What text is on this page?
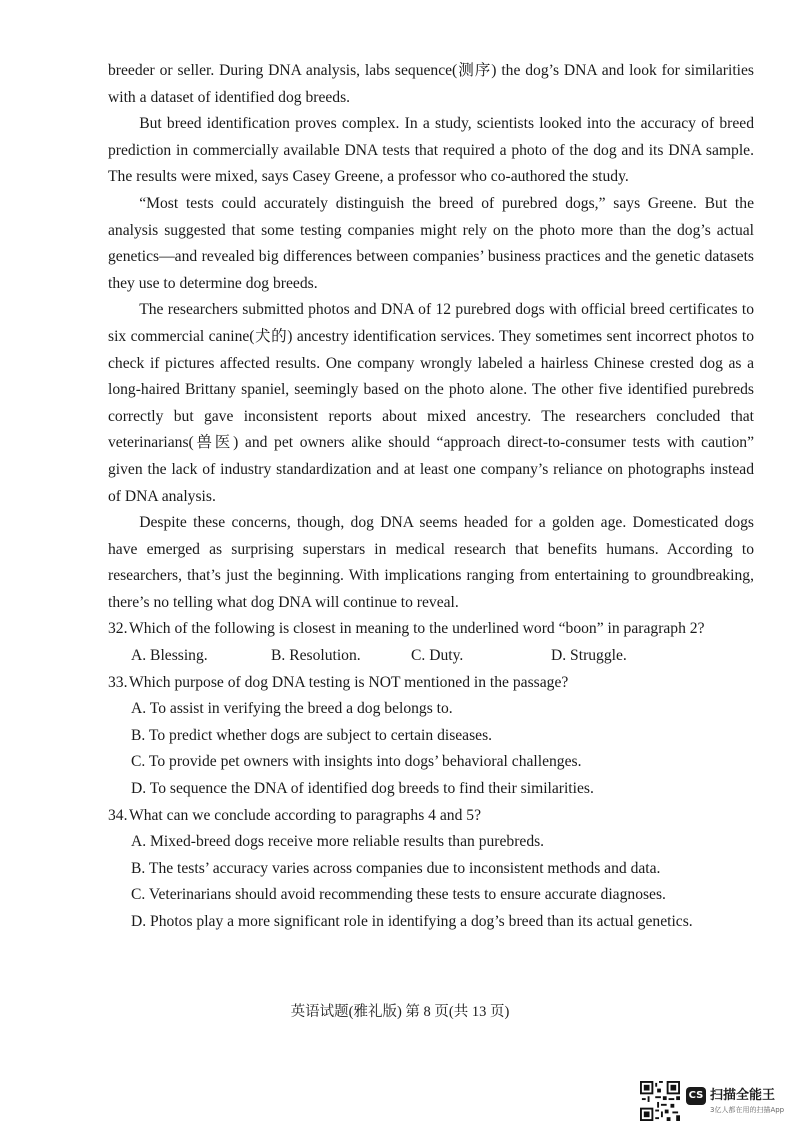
breeder or seller. During DNA analysis, labs sequence(测序) the dog’s DNA and look for similarities with a dataset of identified dog breeds.

But breed identification proves complex. In a study, scientists looked into the accuracy of breed prediction in commercially available DNA tests that required a photo of the dog and its DNA sample. The results were mixed, says Casey Greene, a professor who co-authored the study.

“Most tests could accurately distinguish the breed of purebred dogs,” says Greene. But the analysis suggested that some testing companies might rely on the photo more than the dog’s actual genetics—and revealed big differences between companies’ business practices and the genetic datasets they use to determine dog breeds.

The researchers submitted photos and DNA of 12 purebred dogs with official breed certificates to six commercial canine(犬的) ancestry identification services. They sometimes sent incorrect photos to check if pictures affected results. One company wrongly labeled a hairless Chinese crested dog as a long-haired Brittany spaniel, seemingly based on the photo alone. The other five identified purebreds correctly but gave inconsistent reports about mixed ancestry. The researchers concluded that veterinarians(兽医) and pet owners alike should “approach direct-to-consumer tests with caution” given the lack of industry standardization and at least one company’s reliance on photographs instead of DNA analysis.

Despite these concerns, though, dog DNA seems headed for a golden age. Domesticated dogs have emerged as surprising superstars in medical research that benefits humans. According to researchers, that’s just the beginning. With implications ranging from entertaining to groundbreaking, there’s no telling what dog DNA will continue to reveal.

32.Which of the following is closest in meaning to the underlined word “boon” in paragraph 2?

A. Blessing.	B. Resolution.	C. Duty.	D. Struggle.

33.Which purpose of dog DNA testing is NOT mentioned in the passage?

A. To assist in verifying the breed a dog belongs to.

B. To predict whether dogs are subject to certain diseases.

C. To provide pet owners with insights into dogs’ behavioral challenges.

D. To sequence the DNA of identified dog breeds to find their similarities.

34.What can we conclude according to paragraphs 4 and 5?

A. Mixed-breed dogs receive more reliable results than purebreds.

B. The tests’ accuracy varies across companies due to inconsistent methods and data.

C. Veterinarians should avoid recommending these tests to ensure accurate diagnoses.

D. Photos play a more significant role in identifying a dog’s breed than its actual genetics.

英语试题(雅礼版) 第 8 页(共 13 页)
CS 扫描全能王
3亿人都在用的扫描App
